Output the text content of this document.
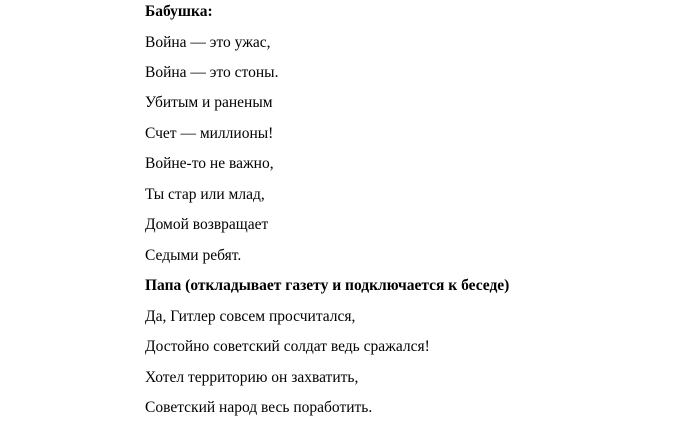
Бабушка:
Война — это ужас,
Война — это стоны.
Убитым и раненым
Счет — миллионы!
Войне-то не важно,
Ты стар или млад,
Домой возвращает
Седыми ребят.
Папа (откладывает газету и подключается к беседе)
Да, Гитлер совсем просчитался,
Достойно советский солдат ведь сражался!
Хотел территорию он захватить,
Советский народ весь поработить.
